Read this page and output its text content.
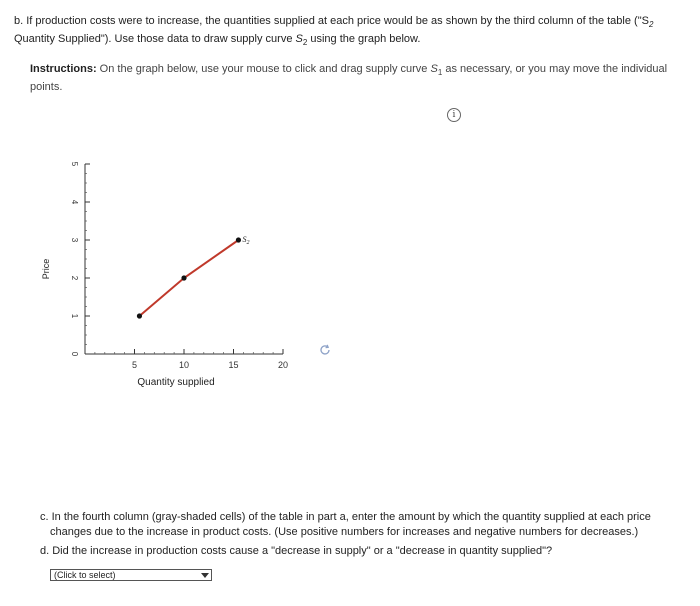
b. If production costs were to increase, the quantities supplied at each price would be as shown by the third column of the table ("$S_2$
Quantity Supplied"). Use those data to draw supply curve $S_2$ using the graph below.
Instructions: On the graph below, use your mouse to click and drag supply curve $S_1$ as necessary, or you may move the individual points.
i
0
1
2
3
4
5
5	10	15	20
Quantity supplied
Price
$S_2$
c. In the fourth column (gray-shaded cells) of the table in part a, enter the amount by which the quantity supplied at each price
changes due to the increase in product costs. (Use positive numbers for increases and negative numbers for decreases.)
d. Did the increase in production costs cause a "decrease in supply" or a "decrease in quantity supplied"?
(Click to select)
